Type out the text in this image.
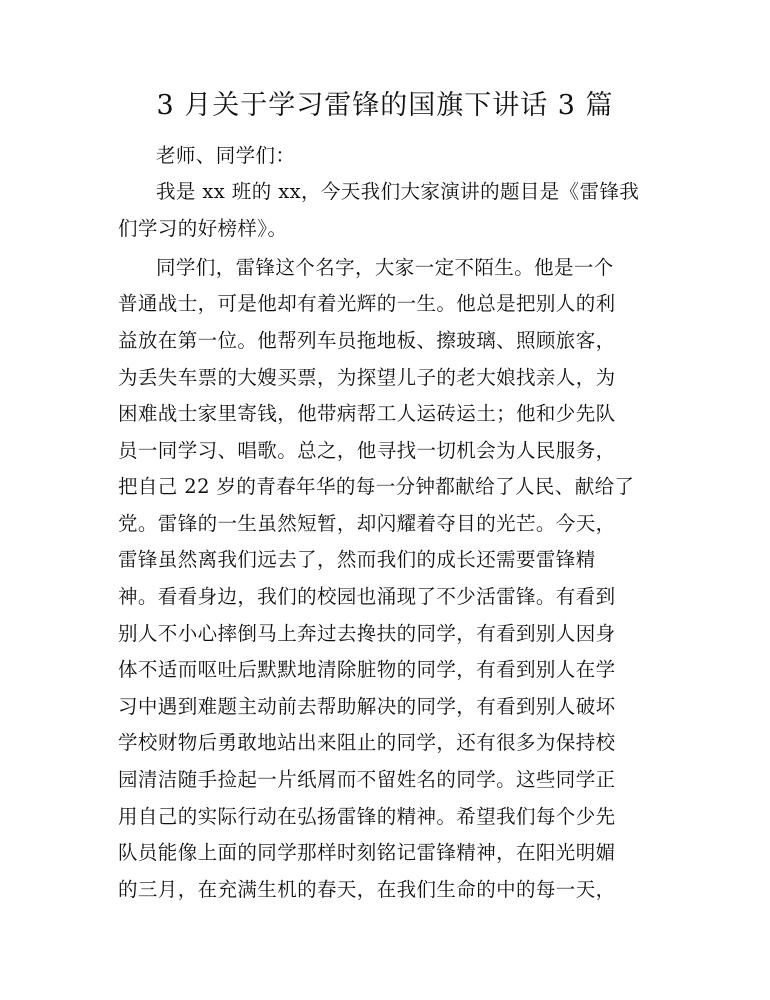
3 月关于学习雷锋的国旗下讲话 3 篇
老师、同学们：
我是 xx 班的 xx，今天我们大家演讲的题目是《雷锋我
们学习的好榜样》。
同学们，雷锋这个名字，大家一定不陌生。他是一个
普通战士，可是他却有着光辉的一生。他总是把别人的利
益放在第一位。他帮列车员拖地板、擦玻璃、照顾旅客，
为丢失车票的大嫂买票，为探望儿子的老大娘找亲人，为
困难战士家里寄钱，他带病帮工人运砖运土；他和少先队
员一同学习、唱歌。总之，他寻找一切机会为人民服务，
把自己 22 岁的青春年华的每一分钟都献给了人民、献给了
党。雷锋的一生虽然短暂，却闪耀着夺目的光芒。今天，
雷锋虽然离我们远去了，然而我们的成长还需要雷锋精
神。看看身边，我们的校园也涌现了不少活雷锋。有看到
别人不小心摔倒马上奔过去搀扶的同学，有看到别人因身
体不适而呕吐后默默地清除脏物的同学，有看到别人在学
习中遇到难题主动前去帮助解决的同学，有看到别人破坏
学校财物后勇敢地站出来阻止的同学，还有很多为保持校
园清洁随手捡起一片纸屑而不留姓名的同学。这些同学正
用自己的实际行动在弘扬雷锋的精神。希望我们每个少先
队员能像上面的同学那样时刻铭记雷锋精神，在阳光明媚
的三月，在充满生机的春天，在我们生命的中的每一天，
